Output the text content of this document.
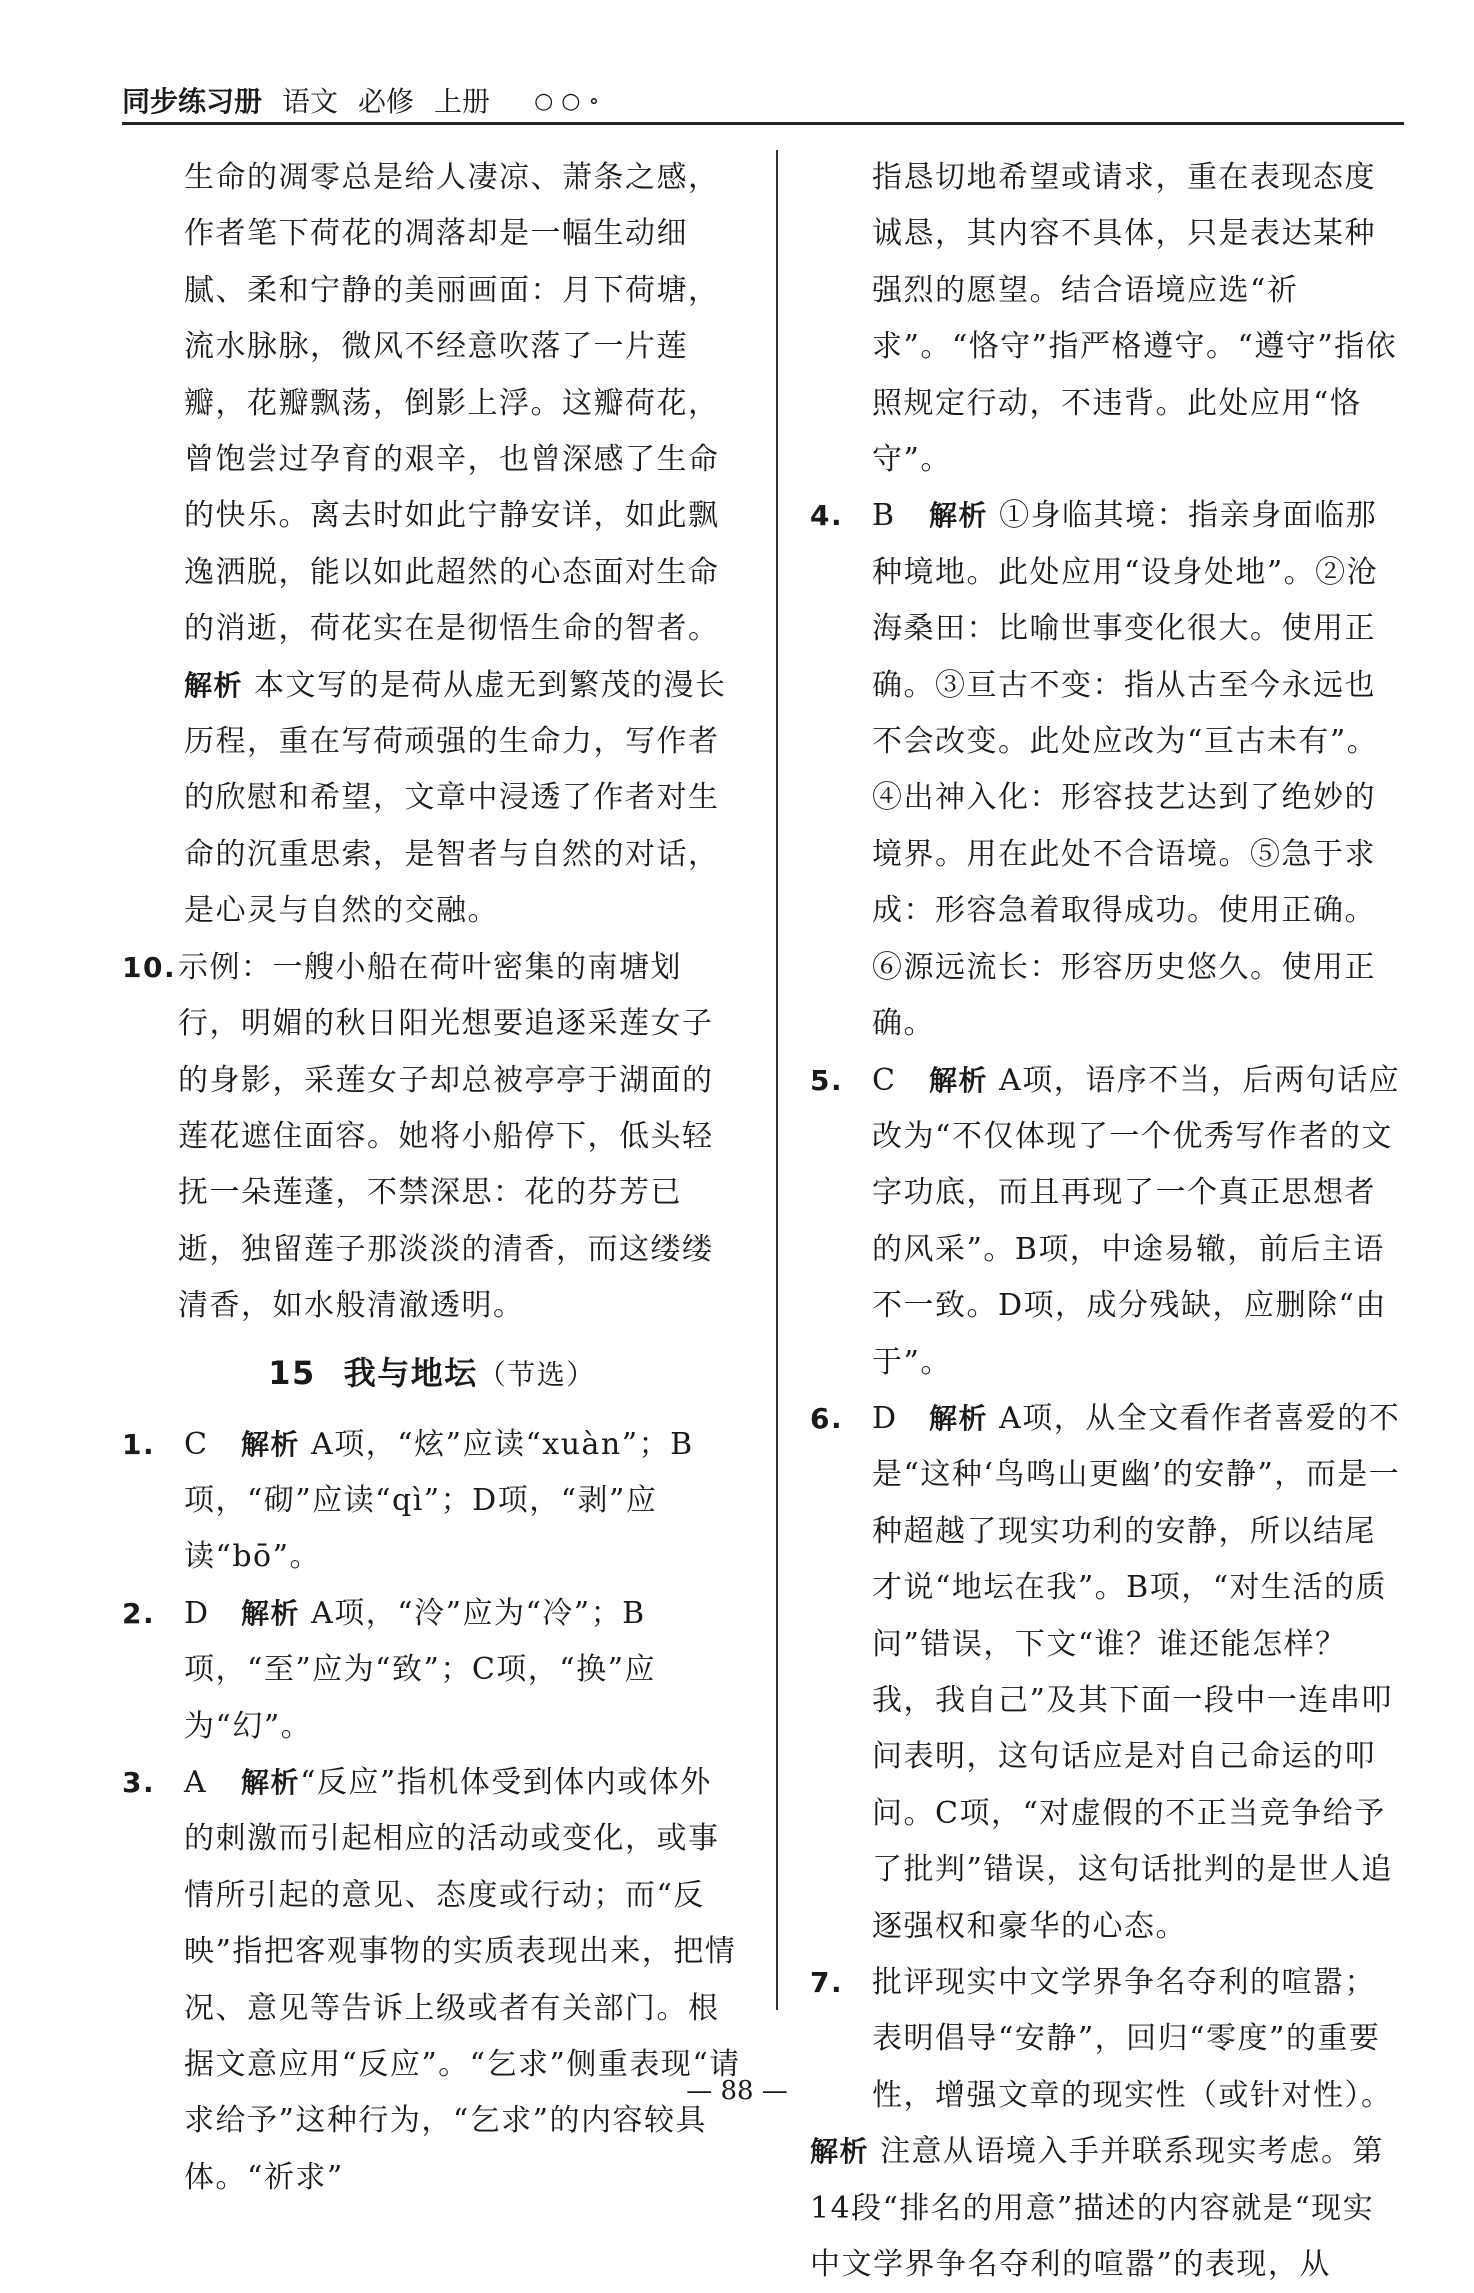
同步练习册 语文 必修 上册 ○○∘

生命的凋零总是给人凄凉、萧条之感，作者笔下荷花的凋落却是一幅生动细腻、柔和宁静的美丽画面：月下荷塘，流水脉脉，微风不经意吹落了一片莲瓣，花瓣飘荡，倒影上浮。这瓣荷花，曾饱尝过孕育的艰辛，也曾深感了生命的快乐。离去时如此宁静安详，如此飘逸洒脱，能以如此超然的心态面对生命的消逝，荷花实在是彻悟生命的智者。

解析 本文写的是荷从虚无到繁茂的漫长历程，重在写荷顽强的生命力，写作者的欣慰和希望，文章中浸透了作者对生命的沉重思索，是智者与自然的对话，是心灵与自然的交融。

10. 示例：一艘小船在荷叶密集的南塘划行，明媚的秋日阳光想要追逐采莲女子的身影，采莲女子却总被亭亭于湖面的莲花遮住面容。她将小船停下，低头轻抚一朵莲蓬，不禁深思：花的芬芳已逝，独留莲子那淡淡的清香，而这缕缕清香，如水般清澈透明。
15 我与地坛（节选）
1. C 解析 A项，“炫”应读“xuàn”；B项，“砌”应读“qì”；D项，“剥”应读“bō”。
2. D 解析 A项，“泠”应为“冷”；B项，“至”应为“致”；C项，“换”应为“幻”。
3. A 解析“反应”指机体受到体内或体外的刺激而引起相应的活动或变化，或事情所引起的意见、态度或行动；而“反映”指把客观事物的实质表现出来，把情况、意见等告诉上级或者有关部门。根据文意应用“反应”。“乞求”侧重表现“请求给予”这种行为，“乞求”的内容较具体。“祈求”

指恳切地希望或请求，重在表现态度诚恳，其内容不具体，只是表达某种强烈的愿望。结合语境应选“祈求”。“恪守”指严格遵守。“遵守”指依照规定行动，不违背。此处应用“恪守”。

4. B 解析 ①身临其境：指亲身面临那种境地。此处应用“设身处地”。②沧海桑田：比喻世事变化很大。使用正确。③亘古不变：指从古至今永远也不会改变。此处应改为“亘古未有”。④出神入化：形容技艺达到了绝妙的境界。用在此处不合语境。⑤急于求成：形容急着取得成功。使用正确。⑥源远流长：形容历史悠久。使用正确。
5. C 解析 A项，语序不当，后两句话应改为“不仅体现了一个优秀写作者的文字功底，而且再现了一个真正思想者的风采”。B项，中途易辙，前后主语不一致。D项，成分残缺，应删除“由于”。
6. D 解析 A项，从全文看作者喜爱的不是“这种‘鸟鸣山更幽’的安静”，而是一种超越了现实功利的安静，所以结尾才说“地坛在我”。B项，“对生活的质问”错误，下文“谁？谁还能怎样？我，我自己”及其下面一段中一连串叩问表明，这句话应是对自己命运的叩问。C项，“对虚假的不正当竞争给予了批判”错误，这句话批判的是世人追逐强权和豪华的心态。
7. 批评现实中文学界争名夺利的喧嚣；表明倡导“安静”，回归“零度”的重要性，增强文章的现实性（或针对性）。

解析 注意从语境入手并联系现实考虑。第14段“排名的用意”描述的内容就是“现实中文学界争名夺利的喧嚣”的表现，从

— 88 —
